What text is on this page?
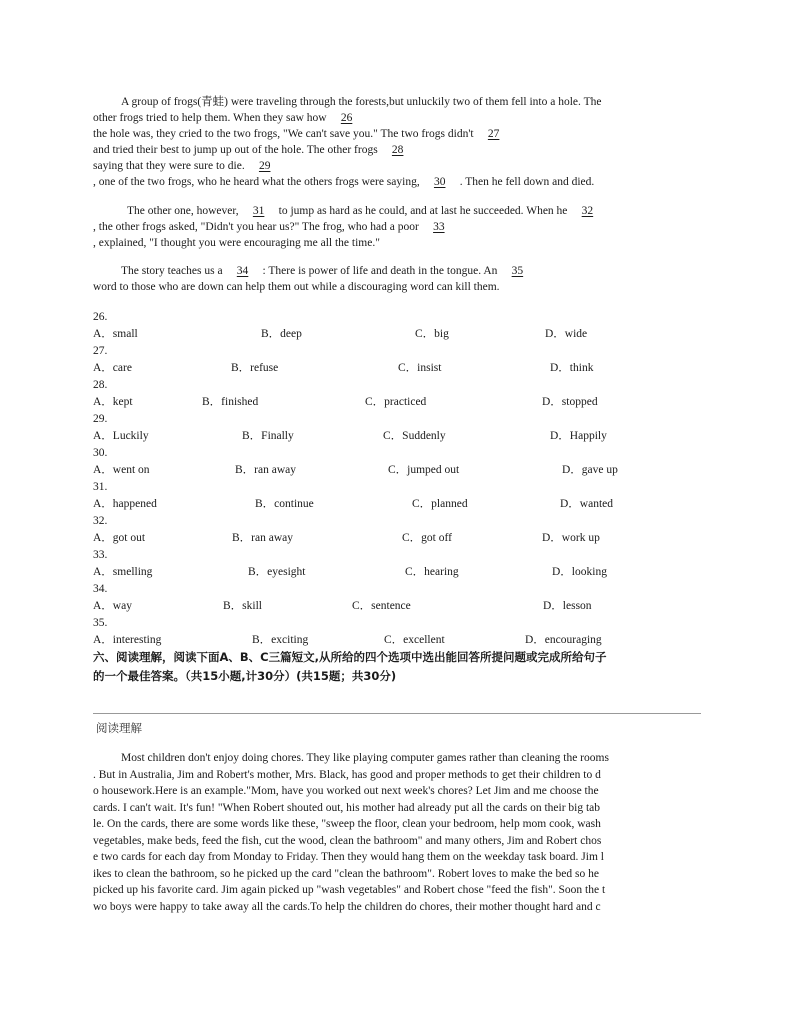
A group of frogs(青蛙) were traveling through the forests,but unluckily two of them fell into a hole. The
other frogs tried to help them. When they saw how 26
the hole was, they cried to the two frogs, "We can't save you." The two frogs didn't 27
and tried their best to jump up out of the hole. The other frogs 28
saying that they were sure to die. 29
, one of the two frogs, who he heard what the others frogs were saying, 30 . Then he fell down and died.
The other one, however, 31 to jump as hard as he could, and at last he succeeded. When he 32
, the other frogs asked, "Didn't you hear us?" The frog, who had a poor 33
, explained, "I thought you were encouraging me all the time."
The story teaches us a 34 : There is power of life and death in the tongue. An 35
word to those who are down can help them out while a discouraging word can kill them.
26.
A．small	B．deep	C．big	D．wide
27.
A．care	B．refuse	C．insist	D．think
28.
A．kept	B．finished	C．practiced	D．stopped
29.
A．Luckily	B．Finally	C．Suddenly	D．Happily
30.
A．went on	B．ran away	C．jumped out	D．gave up
31.
A．happened	B．continue	C．planned	D．wanted
32.
A．got out	B．ran away	C．got off	D．work up
33.
A．smelling	B．eyesight	C．hearing	D．looking
34.
A．way	B．skill	C．sentence	D．lesson
35.
A．interesting	B．exciting	C．excellent	D．encouraging
六、阅读理解，阅读下面A、B、C三篇短文,从所给的四个选项中选出能回答所提问题或完成所给句子
的一个最佳答案。（共15小题,计30分）(共15题；共30分)
阅读理解
Most children don't enjoy doing chores. They like playing computer games rather than cleaning the rooms
. But in Australia, Jim and Robert's mother, Mrs. Black, has good and proper methods to get their children to d
o housework.Here is an example."Mom, have you worked out next week's chores? Let Jim and me choose the
cards. I can't wait. It's fun! "When Robert shouted out, his mother had already put all the cards on their big tab
le. On the cards, there are some words like these, "sweep the floor, clean your bedroom, help mom cook, wash
vegetables, make beds, feed the fish, cut the wood, clean the bathroom" and many others, Jim and Robert chos
e two cards for each day from Monday to Friday. Then they would hang them on the weekday task board. Jim l
ikes to clean the bathroom, so he picked up the card "clean the bathroom". Robert loves to make the bed so he
picked up his favorite card. Jim again picked up "wash vegetables" and Robert chose "feed the fish". Soon the t
wo boys were happy to take away all the cards.To help the children do chores, their mother thought hard and c
